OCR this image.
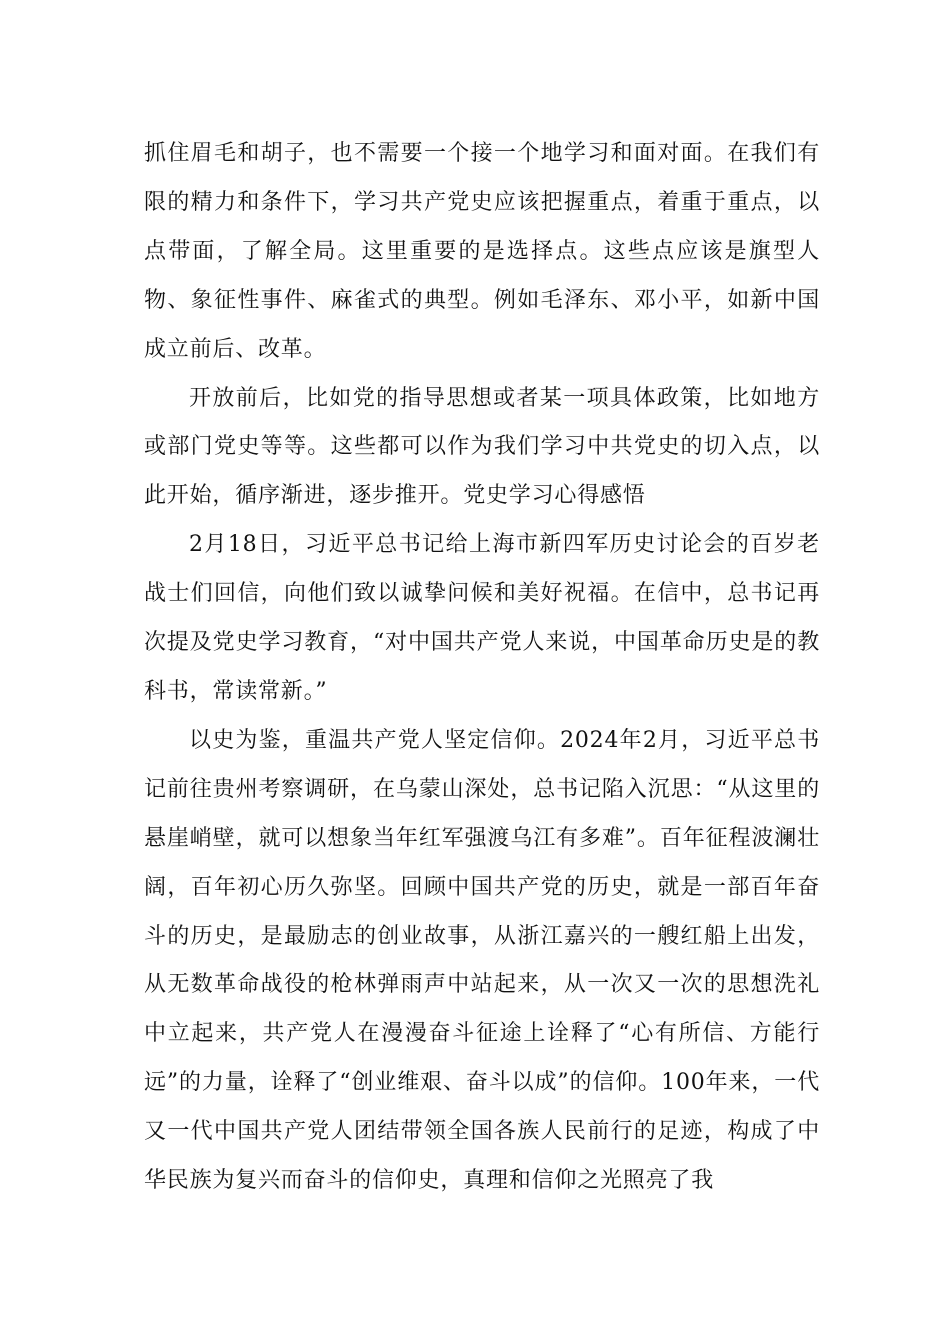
抓住眉毛和胡子，也不需要一个接一个地学习和面对面。在我们有限的精力和条件下，学习共产党史应该把握重点，着重于重点，以点带面，了解全局。这里重要的是选择点。这些点应该是旗型人物、象征性事件、麻雀式的典型。例如毛泽东、邓小平，如新中国成立前后、改革。

开放前后，比如党的指导思想或者某一项具体政策，比如地方或部门党史等等。这些都可以作为我们学习中共党史的切入点，以此开始，循序渐进，逐步推开。党史学习心得感悟

2月18日，习近平总书记给上海市新四军历史讨论会的百岁老战士们回信，向他们致以诚挚问候和美好祝福。在信中，总书记再次提及党史学习教育，“对中国共产党人来说，中国革命历史是的教科书，常读常新。”

以史为鉴，重温共产党人坚定信仰。2024年2月，习近平总书记前往贵州考察调研，在乌蒙山深处，总书记陷入沉思：“从这里的悬崖峭壁，就可以想象当年红军强渡乌江有多难”。百年征程波澜壮阔，百年初心历久弥坚。回顾中国共产党的历史，就是一部百年奋斗的历史，是最励志的创业故事，从浙江嘉兴的一艘红船上出发，从无数革命战役的枪林弹雨声中站起来，从一次又一次的思想洗礼中立起来，共产党人在漫漫奋斗征途上诠释了“心有所信、方能行远”的力量，诠释了“创业维艰、奋斗以成”的信仰。100年来，一代又一代中国共产党人团结带领全国各族人民前行的足迹，构成了中华民族为复兴而奋斗的信仰史，真理和信仰之光照亮了我
